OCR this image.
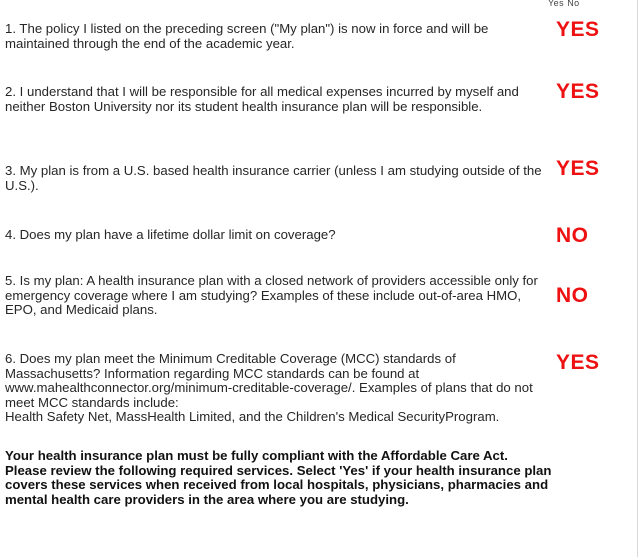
Yes No
1. The policy I listed on the preceding screen ("My plan") is now in force and will be maintained through the end of the academic year.
YES
2. I understand that I will be responsible for all medical expenses incurred by myself and neither Boston University nor its student health insurance plan will be responsible.
YES
3. My plan is from a U.S. based health insurance carrier (unless I am studying outside of the U.S.).
YES
4. Does my plan have a lifetime dollar limit on coverage?	NO
5. Is my plan: A health insurance plan with a closed network of providers accessible only for emergency coverage where I am studying? Examples of these include out-of-area HMO, EPO, and Medicaid plans.
NO
6. Does my plan meet the Minimum Creditable Coverage (MCC) standards of Massachusetts? Information regarding MCC standards can be found at www.mahealthconnector.org/minimum-creditable-coverage/. Examples of plans that do not meet MCC standards include:
Health Safety Net, MassHealth Limited, and the Children's Medical SecurityProgram.
YES

Your health insurance plan must be fully compliant with the Affordable Care Act.

Please review the following required services. Select 'Yes' if your health insurance plan covers these services when received from local hospitals, physicians, pharmacies and mental health care providers in the area where you are studying.
